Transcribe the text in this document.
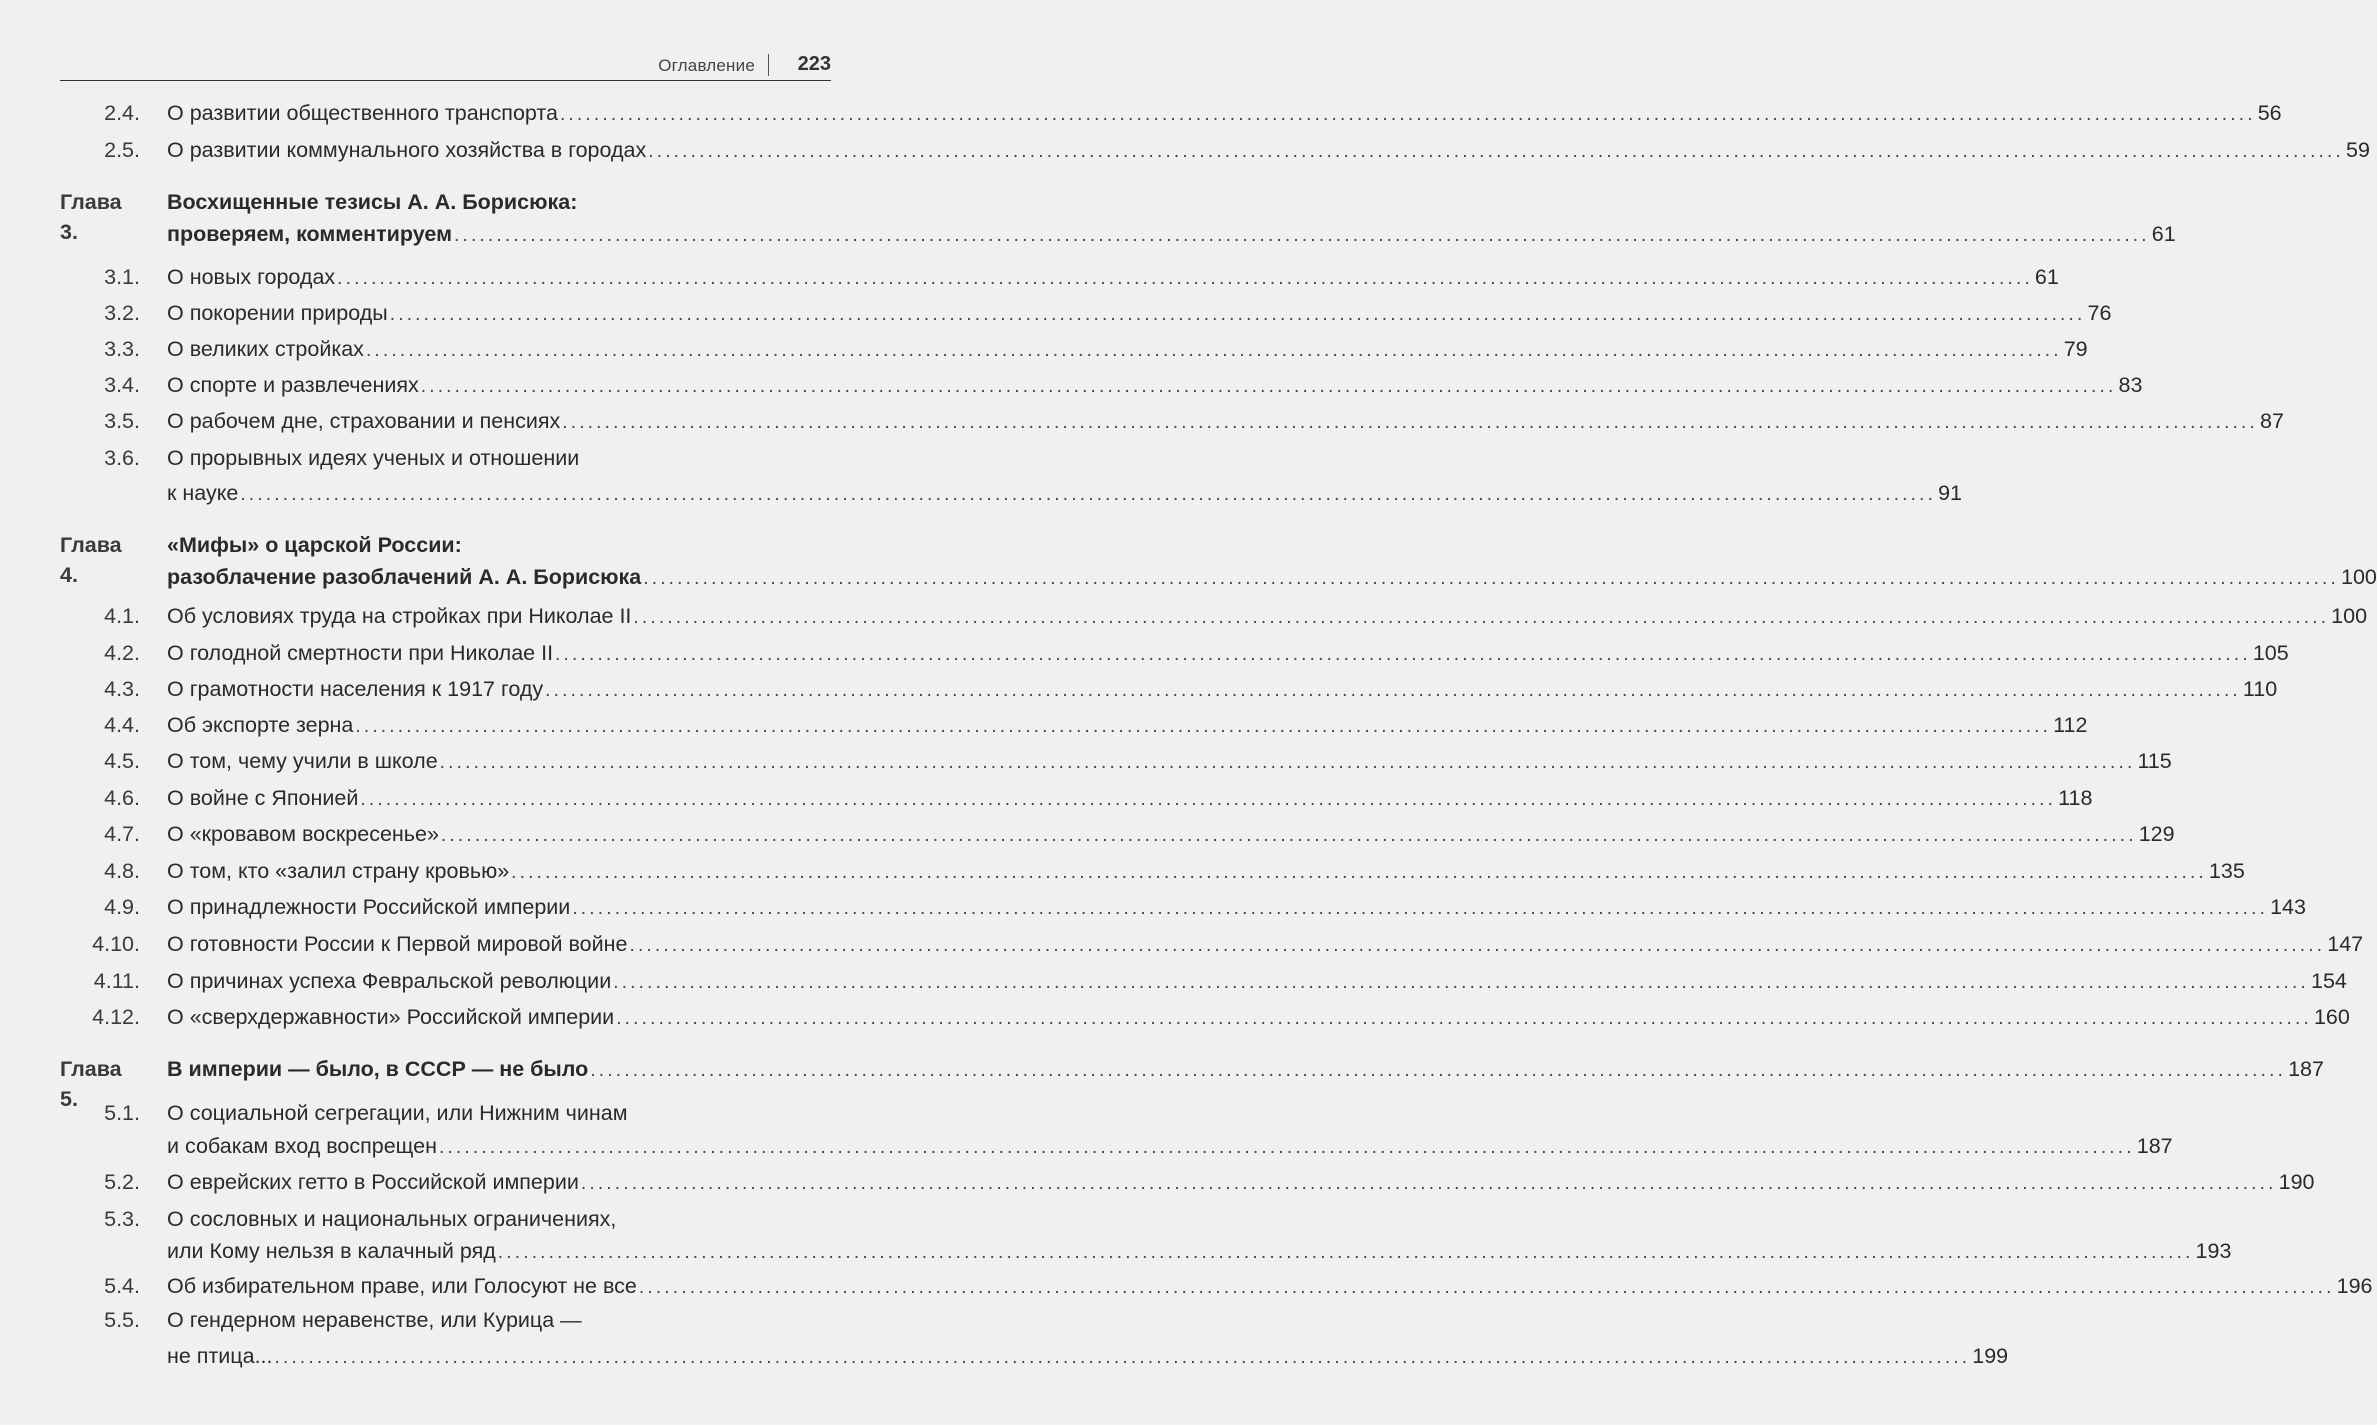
Оглавление 223
2.4. О развитии общественного транспорта ........................................................................................................................................................................................................ 56
2.5. О развитии коммунального хозяйства в городах ........................................................................................................................................................................................................ 59
Глава 3.
Восхищенные тезисы А. А. Борисюка:
проверяем, комментируем ........................................................................................................................................................................................................ 61
3.1. О новых городах ........................................................................................................................................................................................................ 61
3.2. О покорении природы ........................................................................................................................................................................................................ 76
3.3. О великих стройках ........................................................................................................................................................................................................ 79
3.4. О спорте и развлечениях ........................................................................................................................................................................................................ 83
3.5. О рабочем дне, страховании и пенсиях ........................................................................................................................................................................................................ 87
3.6. О прорывных идеях ученых и отношении
к науке ........................................................................................................................................................................................................ 91
Глава 4.
«Мифы» о царской России:
разоблачение разоблачений А. А. Борисюка ........................................................................................................................................................................................................ 100
4.1. Об условиях труда на стройках при Николае II ........................................................................................................................................................................................................ 100
4.2. О голодной смертности при Николае II ........................................................................................................................................................................................................ 105
4.3. О грамотности населения к 1917 году ........................................................................................................................................................................................................ 110
4.4. Об экспорте зерна ........................................................................................................................................................................................................ 112
4.5. О том, чему учили в школе ........................................................................................................................................................................................................ 115
4.6. О войне с Японией ........................................................................................................................................................................................................ 118
4.7. О «кровавом воскресенье» ........................................................................................................................................................................................................ 129
4.8. О том, кто «залил страну кровью» ........................................................................................................................................................................................................ 135
4.9. О принадлежности Российской империи ........................................................................................................................................................................................................ 143
4.10. О готовности России к Первой мировой войне ........................................................................................................................................................................................................ 147
4.11. О причинах успеха Февральской революции ........................................................................................................................................................................................................ 154
4.12. О «сверхдержавности» Российской империи ........................................................................................................................................................................................................ 160
Глава 5.
В империи — было, в СССР — не было ........................................................................................................................................................................................................ 187
5.1. О социальной сегрегации, или Нижним чинам
и собакам вход воспрещен ........................................................................................................................................................................................................ 187
5.2. О еврейских гетто в Российской империи ........................................................................................................................................................................................................ 190
5.3. О сословных и национальных ограничениях,
или Кому нельзя в калачный ряд ........................................................................................................................................................................................................ 193
5.4. Об избирательном праве, или Голосуют не все ........................................................................................................................................................................................................ 196
5.5. О гендерном неравенстве, или Курица —
не птица... ........................................................................................................................................................................................................ 199
